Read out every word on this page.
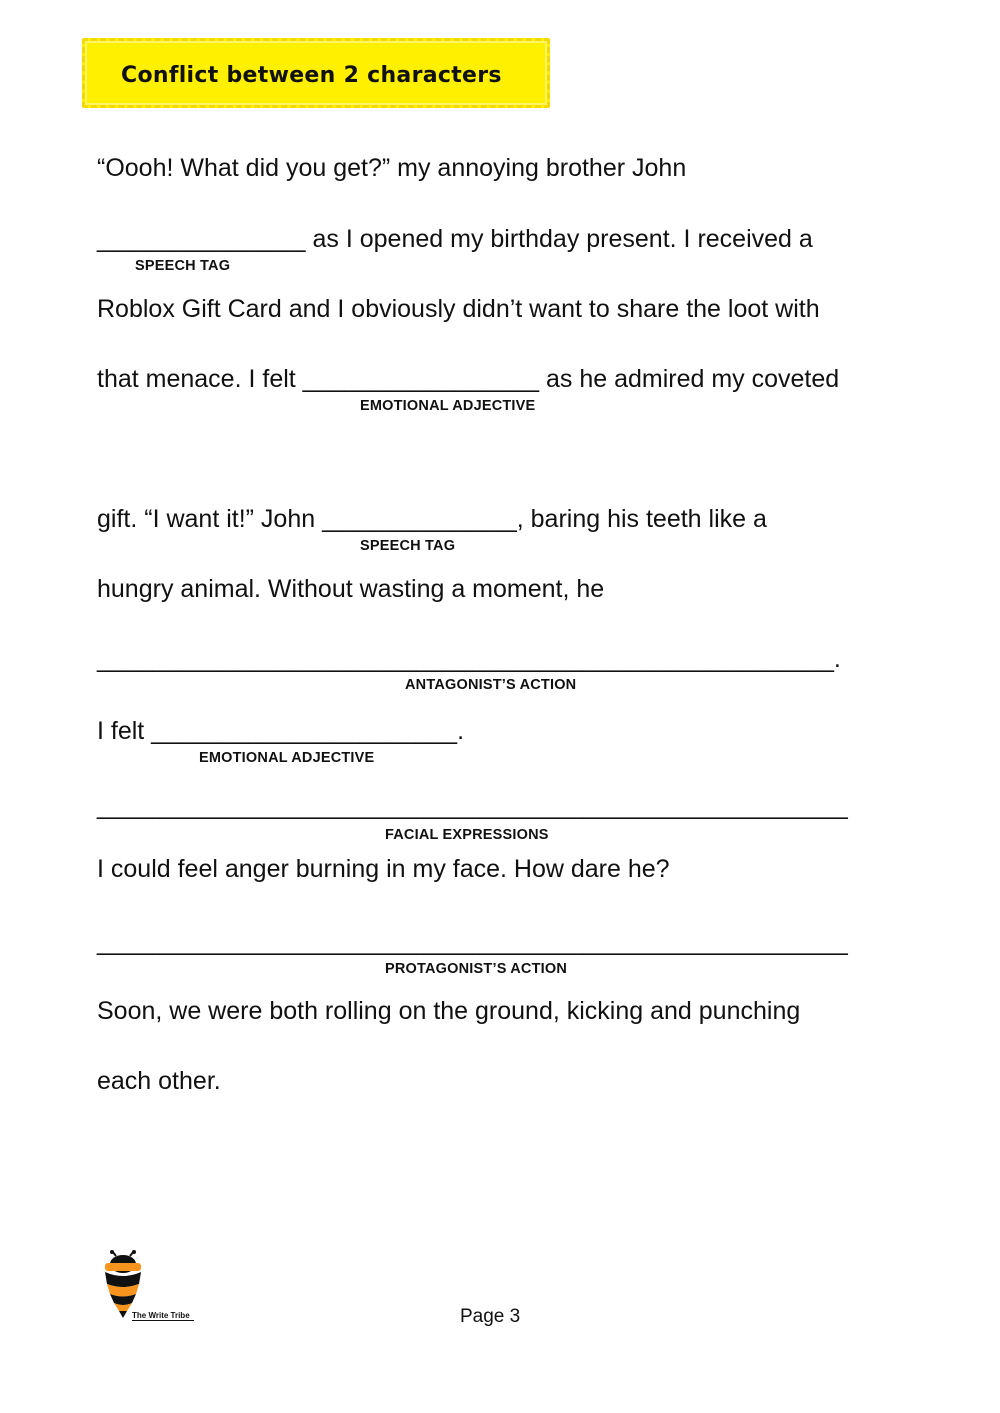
Conflict between 2 characters
“Oooh! What did you get?” my annoying brother John
_______________ as I opened my birthday present. I received a
SPEECH TAG
Roblox Gift Card and I obviously didn’t want to share the loot with
that menace. I felt _________________ as he admired my coveted
EMOTIONAL ADJECTIVE
gift. “I want it!” John ______________, baring his teeth like a
SPEECH TAG
hungry animal. Without wasting a moment, he
_____________________________________________________.
ANTAGONIST’S ACTION
I felt ______________________.
EMOTIONAL ADJECTIVE
______________________________________________________
FACIAL EXPRESSIONS
I could feel anger burning in my face. How dare he?
______________________________________________________
PROTAGONIST’S ACTION
Soon, we were both rolling on the ground, kicking and punching
each other.
The Write Tribe	Page 3
